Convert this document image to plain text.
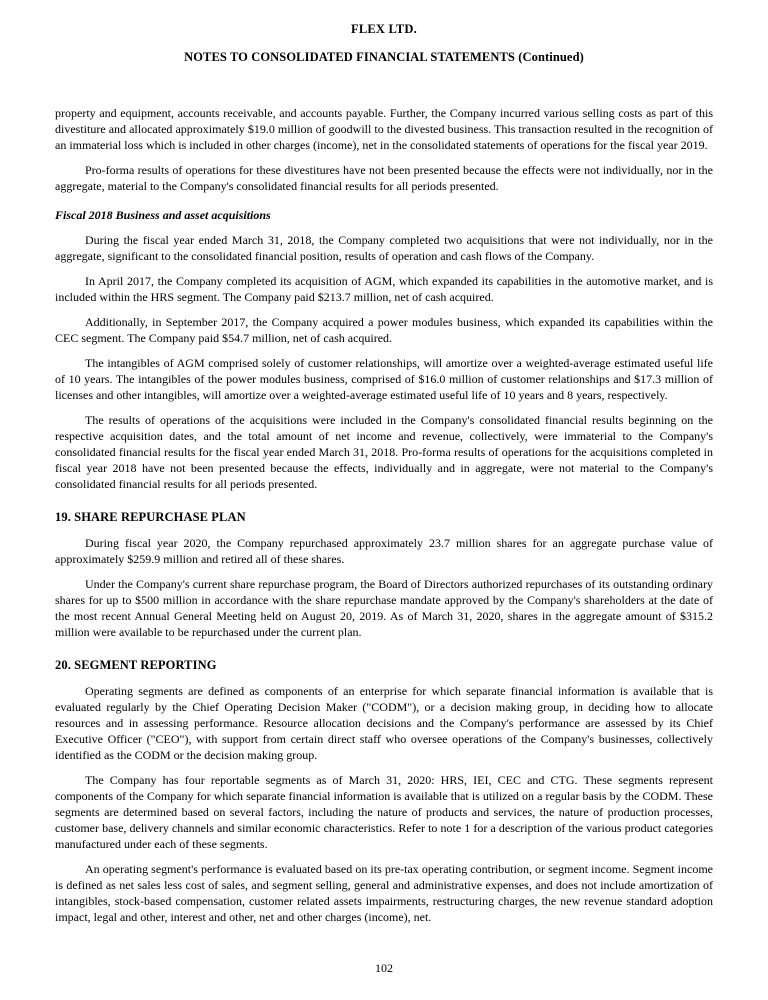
FLEX LTD.
NOTES TO CONSOLIDATED FINANCIAL STATEMENTS (Continued)

property and equipment, accounts receivable, and accounts payable. Further, the Company incurred various selling costs as part of this divestiture and allocated approximately $19.0 million of goodwill to the divested business. This transaction resulted in the recognition of an immaterial loss which is included in other charges (income), net in the consolidated statements of operations for the fiscal year 2019.

Pro-forma results of operations for these divestitures have not been presented because the effects were not individually, nor in the aggregate, material to the Company's consolidated financial results for all periods presented.

Fiscal 2018 Business and asset acquisitions

During the fiscal year ended March 31, 2018, the Company completed two acquisitions that were not individually, nor in the aggregate, significant to the consolidated financial position, results of operation and cash flows of the Company.

In April 2017, the Company completed its acquisition of AGM, which expanded its capabilities in the automotive market, and is included within the HRS segment. The Company paid $213.7 million, net of cash acquired.

Additionally, in September 2017, the Company acquired a power modules business, which expanded its capabilities within the CEC segment. The Company paid $54.7 million, net of cash acquired.

The intangibles of AGM comprised solely of customer relationships, will amortize over a weighted-average estimated useful life of 10 years. The intangibles of the power modules business, comprised of $16.0 million of customer relationships and $17.3 million of licenses and other intangibles, will amortize over a weighted-average estimated useful life of 10 years and 8 years, respectively.

The results of operations of the acquisitions were included in the Company's consolidated financial results beginning on the respective acquisition dates, and the total amount of net income and revenue, collectively, were immaterial to the Company's consolidated financial results for the fiscal year ended March 31, 2018. Pro-forma results of operations for the acquisitions completed in fiscal year 2018 have not been presented because the effects, individually and in aggregate, were not material to the Company's consolidated financial results for all periods presented.

19. SHARE REPURCHASE PLAN

During fiscal year 2020, the Company repurchased approximately 23.7 million shares for an aggregate purchase value of approximately $259.9 million and retired all of these shares.

Under the Company's current share repurchase program, the Board of Directors authorized repurchases of its outstanding ordinary shares for up to $500 million in accordance with the share repurchase mandate approved by the Company's shareholders at the date of the most recent Annual General Meeting held on August 20, 2019. As of March 31, 2020, shares in the aggregate amount of $315.2 million were available to be repurchased under the current plan.

20. SEGMENT REPORTING

Operating segments are defined as components of an enterprise for which separate financial information is available that is evaluated regularly by the Chief Operating Decision Maker ("CODM"), or a decision making group, in deciding how to allocate resources and in assessing performance. Resource allocation decisions and the Company's performance are assessed by its Chief Executive Officer ("CEO"), with support from certain direct staff who oversee operations of the Company's businesses, collectively identified as the CODM or the decision making group.

The Company has four reportable segments as of March 31, 2020: HRS, IEI, CEC and CTG. These segments represent components of the Company for which separate financial information is available that is utilized on a regular basis by the CODM. These segments are determined based on several factors, including the nature of products and services, the nature of production processes, customer base, delivery channels and similar economic characteristics. Refer to note 1 for a description of the various product categories manufactured under each of these segments.

An operating segment's performance is evaluated based on its pre-tax operating contribution, or segment income. Segment income is defined as net sales less cost of sales, and segment selling, general and administrative expenses, and does not include amortization of intangibles, stock-based compensation, customer related assets impairments, restructuring charges, the new revenue standard adoption impact, legal and other, interest and other, net and other charges (income), net.

102
